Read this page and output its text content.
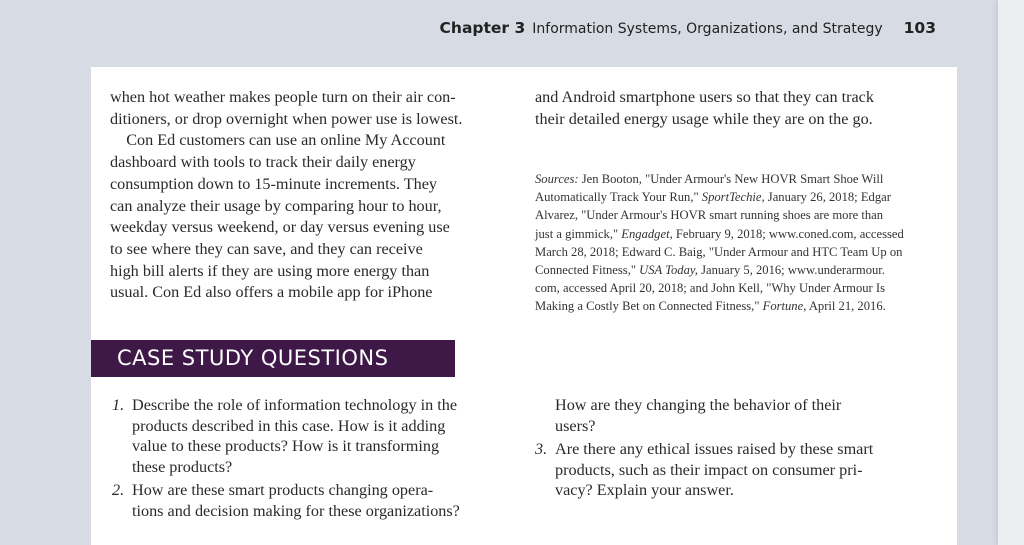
Chapter 3 Information Systems, Organizations, and Strategy 103
when hot weather makes people turn on their air con-
ditioners, or drop overnight when power use is lowest.
Con Ed customers can use an online My Account
dashboard with tools to track their daily energy
consumption down to 15-minute increments. They
can analyze their usage by comparing hour to hour,
weekday versus weekend, or day versus evening use
to see where they can save, and they can receive
high bill alerts if they are using more energy than
usual. Con Ed also offers a mobile app for iPhone
and Android smartphone users so that they can track
their detailed energy usage while they are on the go.
Sources: Jen Booton, "Under Armour's New HOVR Smart Shoe Will
Automatically Track Your Run," SportTechie, January 26, 2018; Edgar
Alvarez, "Under Armour's HOVR smart running shoes are more than
just a gimmick," Engadget, February 9, 2018; www.coned.com, accessed
March 28, 2018; Edward C. Baig, "Under Armour and HTC Team Up on
Connected Fitness," USA Today, January 5, 2016; www.underarmour.
com, accessed April 20, 2018; and John Kell, "Why Under Armour Is
Making a Costly Bet on Connected Fitness," Fortune, April 21, 2016.
CASE STUDY QUESTIONS
1. Describe the role of information technology in the
products described in this case. How is it adding
value to these products? How is it transforming
these products?
2. How are these smart products changing opera-
tions and decision making for these organizations?
How are they changing the behavior of their
users?
3. Are there any ethical issues raised by these smart
products, such as their impact on consumer pri-
vacy? Explain your answer.
